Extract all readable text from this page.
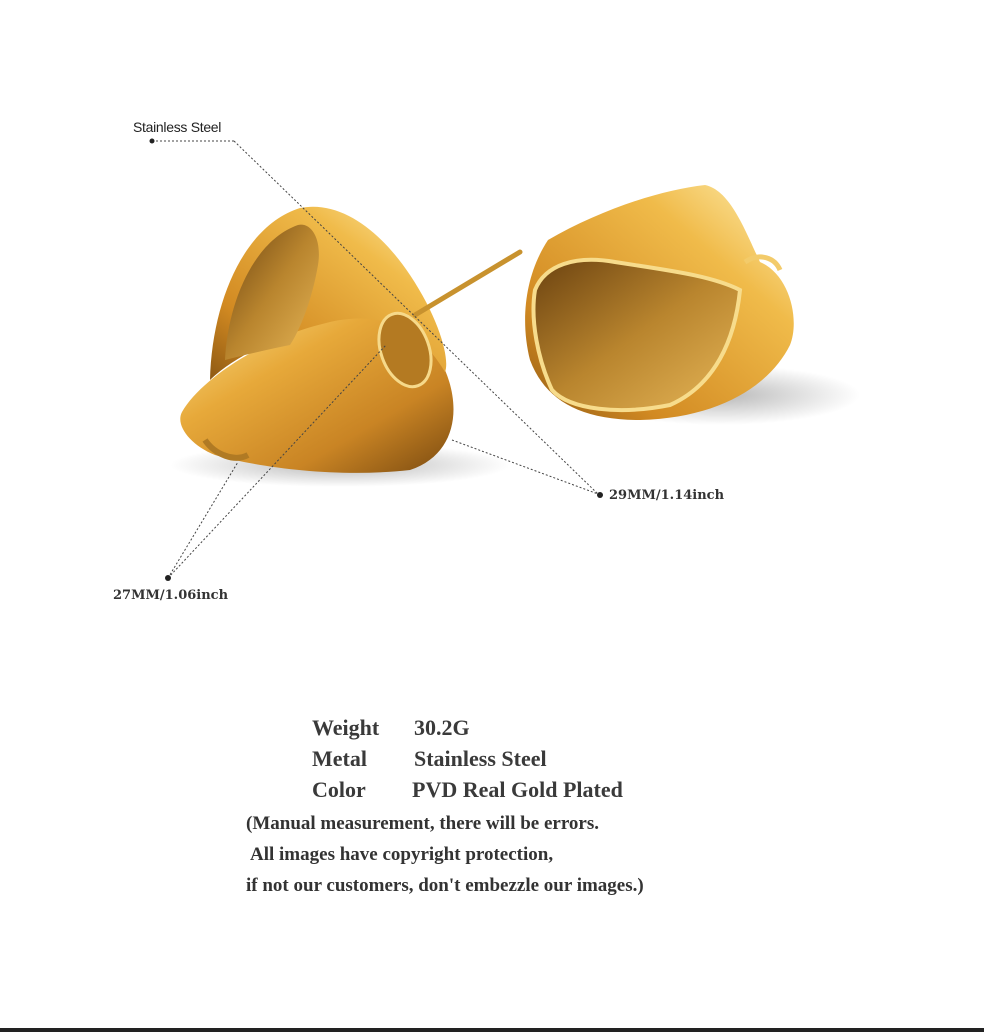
Stainless Steel
29MM/1.14inch
27MM/1.06inch
Weight 30.2G
Metal Stainless Steel
Color PVD Real Gold Plated
(Manual measurement, there will be errors.
All images have copyright protection,
if not our customers, don't embezzle our images.)
